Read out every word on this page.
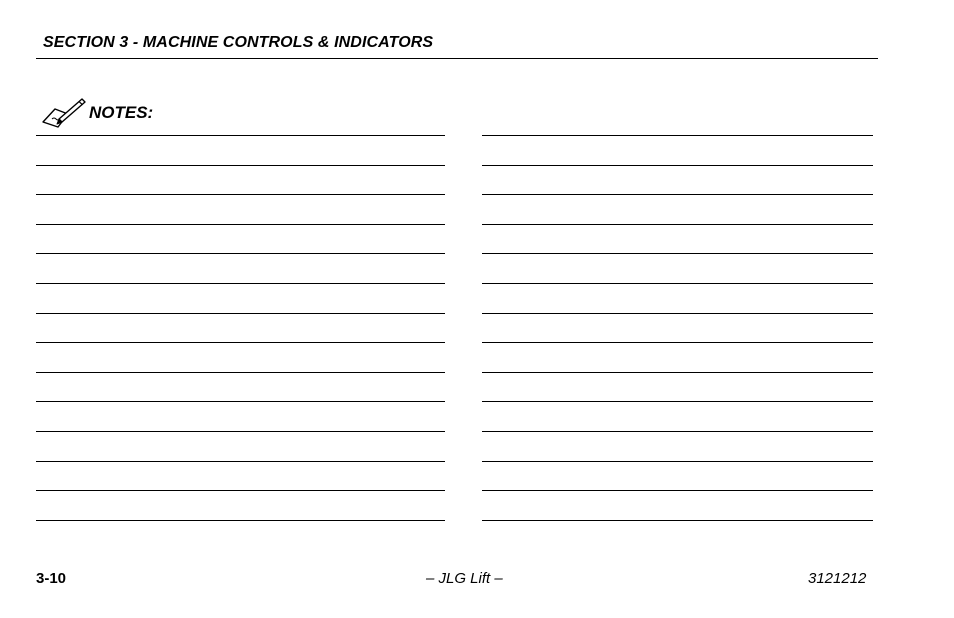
SECTION 3 - MACHINE CONTROLS & INDICATORS
NOTES:
3-10	– JLG Lift –	3121212
